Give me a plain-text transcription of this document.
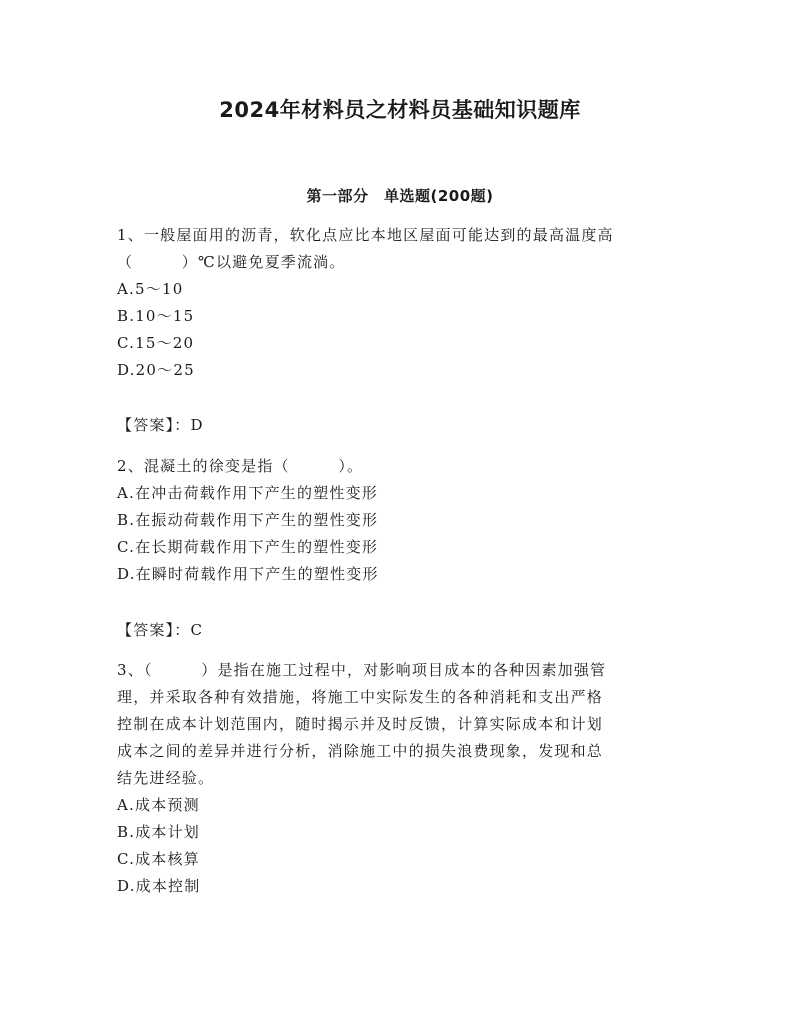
2024年材料员之材料员基础知识题库
第一部分　单选题(200题)
1、一般屋面用的沥青，软化点应比本地区屋面可能达到的最高温度高
（　　　）℃以避免夏季流淌。
A.5～10
B.10～15
C.15～20
D.20～25
【答案】：D
2、混凝土的徐变是指（　　　）。
A.在冲击荷载作用下产生的塑性变形
B.在振动荷载作用下产生的塑性变形
C.在长期荷载作用下产生的塑性变形
D.在瞬时荷载作用下产生的塑性变形
【答案】：C
3、（　　　）是指在施工过程中，对影响项目成本的各种因素加强管
理，并采取各种有效措施，将施工中实际发生的各种消耗和支出严格
控制在成本计划范围内，随时揭示并及时反馈，计算实际成本和计划
成本之间的差异并进行分析，消除施工中的损失浪费现象，发现和总
结先进经验。
A.成本预测
B.成本计划
C.成本核算
D.成本控制
